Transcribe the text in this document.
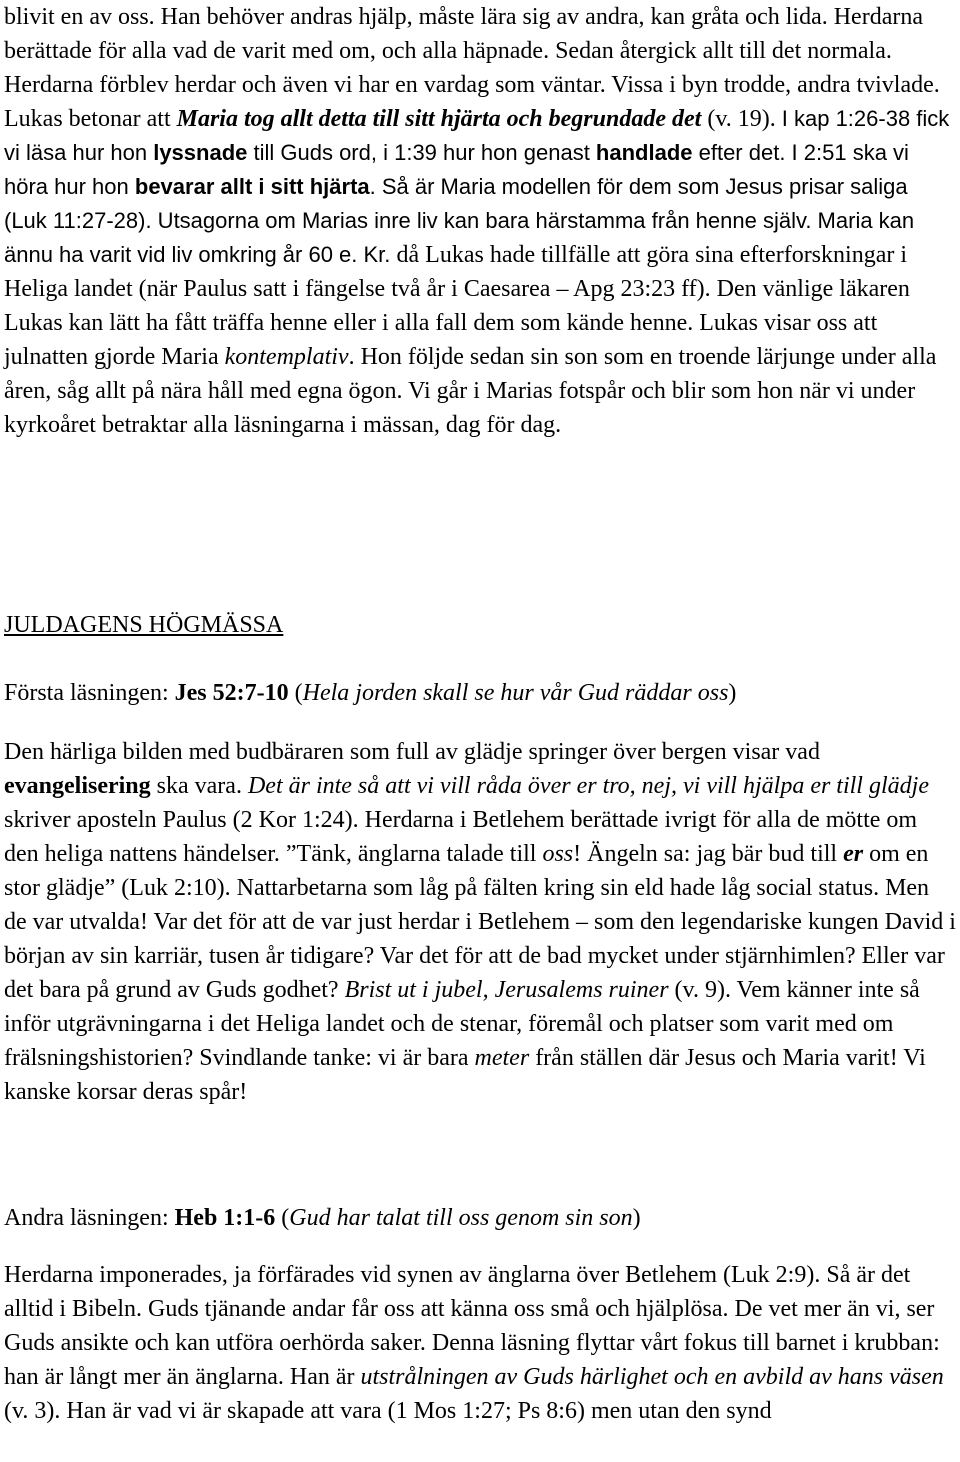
blivit en av oss. Han behöver andras hjälp, måste lära sig av andra, kan gråta och lida. Herdarna berättade för alla vad de varit med om, och alla häpnade. Sedan återgick allt till det normala. Herdarna förblev herdar och även vi har en vardag som väntar. Vissa i byn trodde, andra tvivlade. Lukas betonar att Maria tog allt detta till sitt hjärta och begrundade det (v. 19). I kap 1:26-38 fick vi läsa hur hon lyssnade till Guds ord, i 1:39 hur hon genast handlade efter det. I 2:51 ska vi höra hur hon bevarar allt i sitt hjärta. Så är Maria modellen för dem som Jesus prisar saliga (Luk 11:27-28). Utsagorna om Marias inre liv kan bara härstamma från henne själv. Maria kan ännu ha varit vid liv omkring år 60 e. Kr. då Lukas hade tillfälle att göra sina efterforskningar i Heliga landet (när Paulus satt i fängelse två år i Caesarea – Apg 23:23 ff). Den vänlige läkaren Lukas kan lätt ha fått träffa henne eller i alla fall dem som kände henne. Lukas visar oss att julnatten gjorde Maria kontemplativ. Hon följde sedan sin son som en troende lärjunge under alla åren, såg allt på nära håll med egna ögon. Vi går i Marias fotspår och blir som hon när vi under kyrkoåret betraktar alla läsningarna i mässan, dag för dag.

JULDAGENS HÖGMÄSSA

Första läsningen: Jes 52:7-10 (Hela jorden skall se hur vår Gud räddar oss)

Den härliga bilden med budbäraren som full av glädje springer över bergen visar vad evangelisering ska vara. Det är inte så att vi vill råda över er tro, nej, vi vill hjälpa er till glädje skriver aposteln Paulus (2 Kor 1:24). Herdarna i Betlehem berättade ivrigt för alla de mötte om den heliga nattens händelser. ”Tänk, änglarna talade till oss! Ängeln sa: jag bär bud till er om en stor glädje” (Luk 2:10). Nattarbetarna som låg på fälten kring sin eld hade låg social status. Men de var utvalda! Var det för att de var just herdar i Betlehem – som den legendariske kungen David i början av sin karriär, tusen år tidigare? Var det för att de bad mycket under stjärnhimlen? Eller var det bara på grund av Guds godhet? Brist ut i jubel, Jerusalems ruiner (v. 9). Vem känner inte så inför utgrävningarna i det Heliga landet och de stenar, föremål och platser som varit med om frälsningshistorien? Svindlande tanke: vi är bara meter från ställen där Jesus och Maria varit! Vi kanske korsar deras spår!

Andra läsningen: Heb 1:1-6 (Gud har talat till oss genom sin son)

Herdarna imponerades, ja förfärades vid synen av änglarna över Betlehem (Luk 2:9). Så är det alltid i Bibeln. Guds tjänande andar får oss att känna oss små och hjälplösa. De vet mer än vi, ser Guds ansikte och kan utföra oerhörda saker. Denna läsning flyttar vårt fokus till barnet i krubban: han är långt mer än änglarna. Han är utstrålningen av Guds härlighet och en avbild av hans väsen (v. 3). Han är vad vi är skapade att vara (1 Mos 1:27; Ps 8:6) men utan den synd
